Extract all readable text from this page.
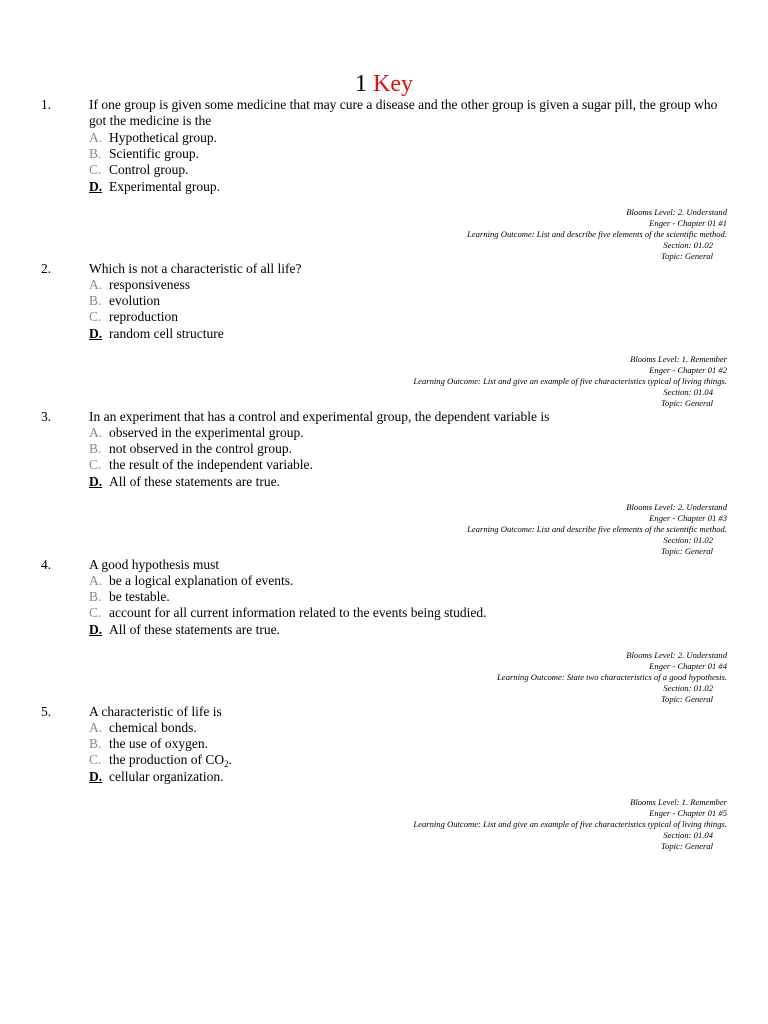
1 Key
1.	If one group is given some medicine that may cure a disease and the other group is given a sugar pill, the group who got the medicine is the
A. Hypothetical group.
B. Scientific group.
C. Control group.
D. Experimental group.
Blooms Level: 2. Understand
Enger - Chapter 01 #1
Learning Outcome: List and describe five elements of the scientific method.
Section: 01.02
Topic: General
2.	Which is not a characteristic of all life?
A. responsiveness
B. evolution
C. reproduction
D. random cell structure
Blooms Level: 1. Remember
Enger - Chapter 01 #2
Learning Outcome: List and give an example of five characteristics typical of living things.
Section: 01.04
Topic: General
3.	In an experiment that has a control and experimental group, the dependent variable is
A. observed in the experimental group.
B. not observed in the control group.
C. the result of the independent variable.
D. All of these statements are true.
Blooms Level: 2. Understand
Enger - Chapter 01 #3
Learning Outcome: List and describe five elements of the scientific method.
Section: 01.02
Topic: General
4.	A good hypothesis must
A. be a logical explanation of events.
B. be testable.
C. account for all current information related to the events being studied.
D. All of these statements are true.
Blooms Level: 2. Understand
Enger - Chapter 01 #4
Learning Outcome: State two characteristics of a good hypothesis.
Section: 01.02
Topic: General
5.	A characteristic of life is
A. chemical bonds.
B. the use of oxygen.
C. the production of $CO_2$.
D. cellular organization.
Blooms Level: 1. Remember
Enger - Chapter 01 #5
Learning Outcome: List and give an example of five characteristics typical of living things.
Section: 01.04
Topic: General
